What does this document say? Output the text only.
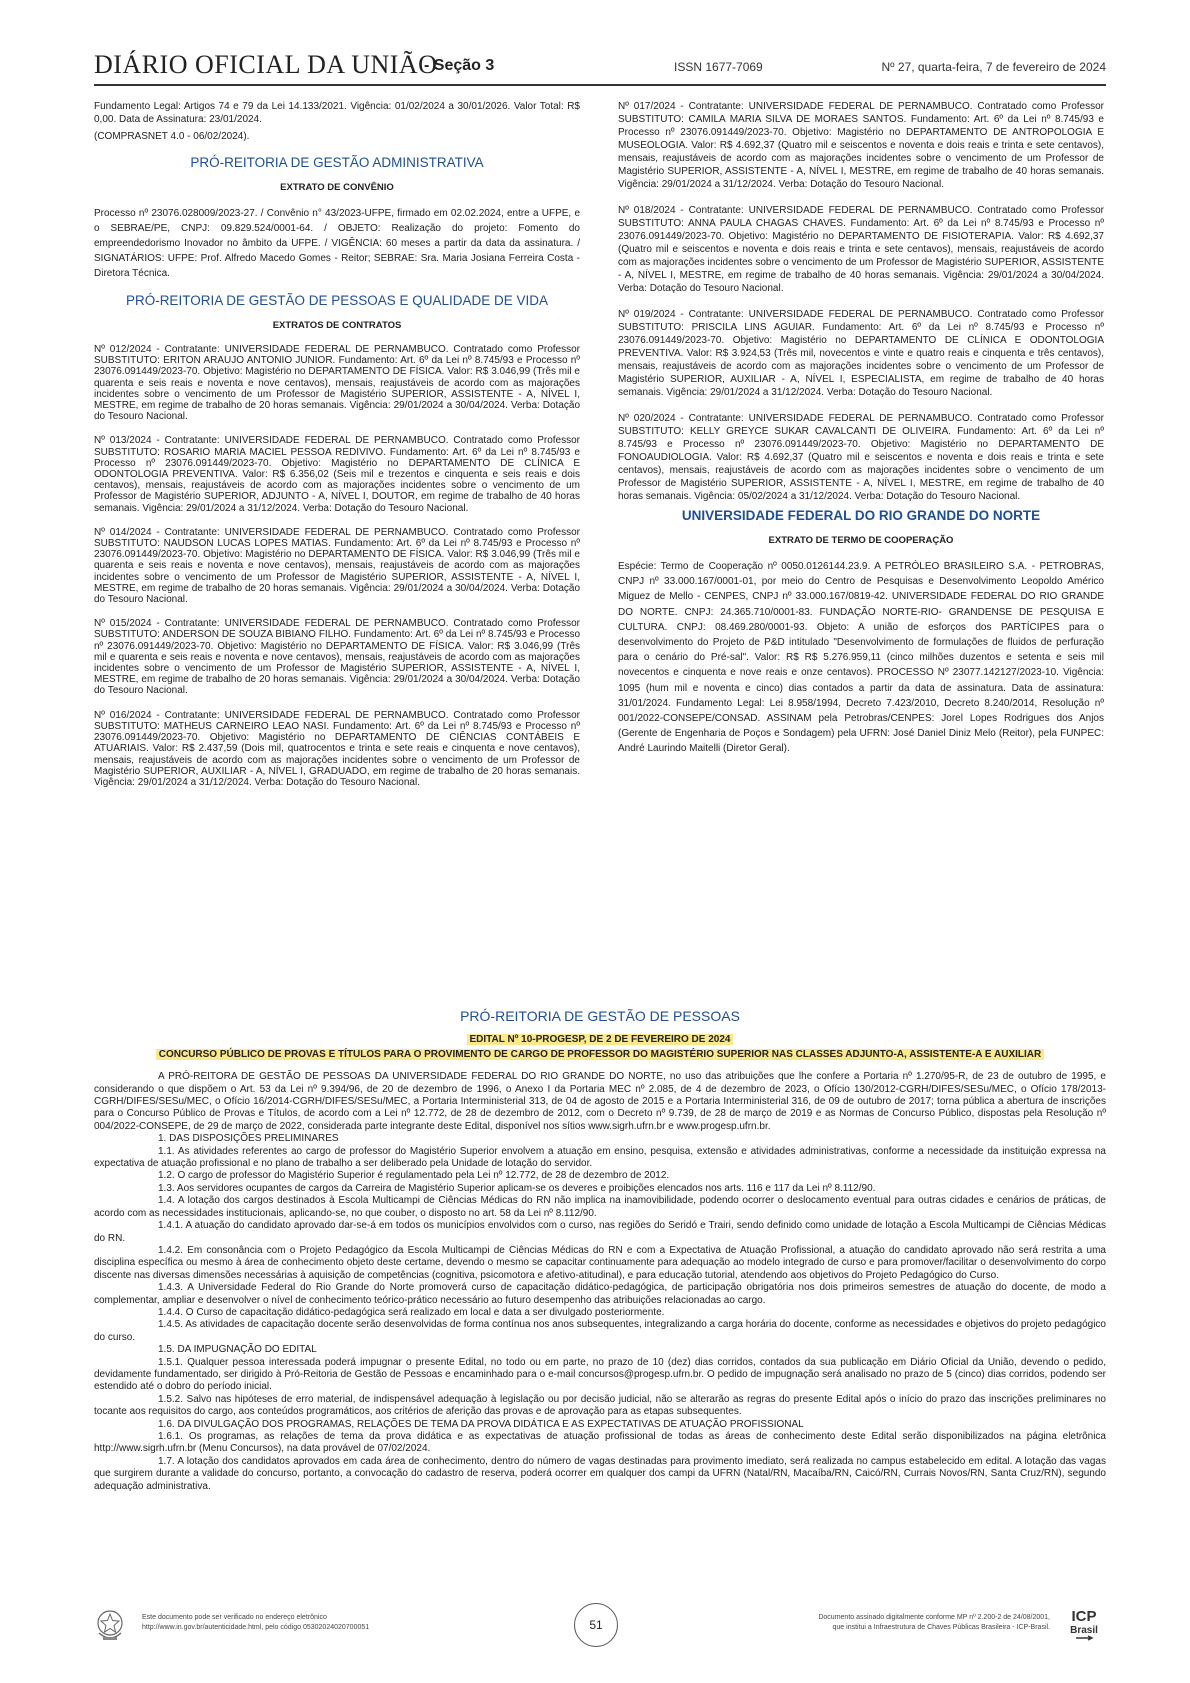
DIÁRIO OFICIAL DA UNIÃO
- Seção 3	ISSN 1677-7069	Nº 27, quarta-feira, 7 de fevereiro de 2024

Fundamento Legal: Artigos 74 e 79 da Lei 14.133/2021. Vigência: 01/02/2024 a 30/01/2026. Valor Total: R$ 0,00. Data de Assinatura: 23/01/2024.

(COMPRASNET 4.0 - 06/02/2024).

PRÓ-REITORIA DE GESTÃO ADMINISTRATIVA
EXTRATO DE CONVÊNIO

Processo nº 23076.028009/2023-27. / Convênio n° 43/2023-UFPE, firmado em 02.02.2024, entre a UFPE, e o SEBRAE/PE, CNPJ: 09.829.524/0001-64. / OBJETO: Realização do projeto: Fomento do empreendedorismo Inovador no âmbito da UFPE. / VIGÊNCIA: 60 meses a partir da data da assinatura. / SIGNATÁRIOS: UFPE: Prof. Alfredo Macedo Gomes - Reitor; SEBRAE: Sra. Maria Josiana Ferreira Costa - Diretora Técnica.

PRÓ-REITORIA DE GESTÃO DE PESSOAS E QUALIDADE DE VIDA
EXTRATOS DE CONTRATOS

Nº 012/2024 - Contratante: UNIVERSIDADE FEDERAL DE PERNAMBUCO. Contratado como Professor SUBSTITUTO: ERITON ARAUJO ANTONIO JUNIOR. Fundamento: Art. 6º da Lei nº 8.745/93 e Processo nº 23076.091449/2023-70. Objetivo: Magistério no DEPARTAMENTO DE FÍSICA. Valor: R$ 3.046,99 (Três mil e quarenta e seis reais e noventa e nove centavos), mensais, reajustáveis de acordo com as majorações incidentes sobre o vencimento de um Professor de Magistério SUPERIOR, ASSISTENTE - A, NÍVEL I, MESTRE, em regime de trabalho de 20 horas semanais. Vigência: 29/01/2024 a 30/04/2024. Verba: Dotação do Tesouro Nacional.

Nº 013/2024 - Contratante: UNIVERSIDADE FEDERAL DE PERNAMBUCO. Contratado como Professor SUBSTITUTO: ROSARIO MARIA MACIEL PESSOA REDIVIVO. Fundamento: Art. 6º da Lei nº 8.745/93 e Processo nº 23076.091449/2023-70. Objetivo: Magistério no DEPARTAMENTO DE CLÍNICA E ODONTOLOGIA PREVENTIVA. Valor: R$ 6.356,02 (Seis mil e trezentos e cinquenta e seis reais e dois centavos), mensais, reajustáveis de acordo com as majorações incidentes sobre o vencimento de um Professor de Magistério SUPERIOR, ADJUNTO - A, NÍVEL I, DOUTOR, em regime de trabalho de 40 horas semanais. Vigência: 29/01/2024 a 31/12/2024. Verba: Dotação do Tesouro Nacional.

Nº 014/2024 - Contratante: UNIVERSIDADE FEDERAL DE PERNAMBUCO. Contratado como Professor SUBSTITUTO: NAUDSON LUCAS LOPES MATIAS. Fundamento: Art. 6º da Lei nº 8.745/93 e Processo nº 23076.091449/2023-70. Objetivo: Magistério no DEPARTAMENTO DE FÍSICA. Valor: R$ 3.046,99 (Três mil e quarenta e seis reais e noventa e nove centavos), mensais, reajustáveis de acordo com as majorações incidentes sobre o vencimento de um Professor de Magistério SUPERIOR, ASSISTENTE - A, NÍVEL I, MESTRE, em regime de trabalho de 20 horas semanais. Vigência: 29/01/2024 a 30/04/2024. Verba: Dotação do Tesouro Nacional.

Nº 015/2024 - Contratante: UNIVERSIDADE FEDERAL DE PERNAMBUCO. Contratado como Professor SUBSTITUTO: ANDERSON DE SOUZA BIBIANO FILHO. Fundamento: Art. 6º da Lei nº 8.745/93 e Processo nº 23076.091449/2023-70. Objetivo: Magistério no DEPARTAMENTO DE FÍSICA. Valor: R$ 3.046,99 (Três mil e quarenta e seis reais e noventa e nove centavos), mensais, reajustáveis de acordo com as majorações incidentes sobre o vencimento de um Professor de Magistério SUPERIOR, ASSISTENTE - A, NÍVEL I, MESTRE, em regime de trabalho de 20 horas semanais. Vigência: 29/01/2024 a 30/04/2024. Verba: Dotação do Tesouro Nacional.

Nº 016/2024 - Contratante: UNIVERSIDADE FEDERAL DE PERNAMBUCO. Contratado como Professor SUBSTITUTO: MATHEUS CARNEIRO LEAO NASI. Fundamento: Art. 6º da Lei nº 8.745/93 e Processo nº 23076.091449/2023-70. Objetivo: Magistério no DEPARTAMENTO DE CIÊNCIAS CONTÁBEIS E ATUARIAIS. Valor: R$ 2.437,59 (Dois mil, quatrocentos e trinta e sete reais e cinquenta e nove centavos), mensais, reajustáveis de acordo com as majorações incidentes sobre o vencimento de um Professor de Magistério SUPERIOR, AUXILIAR - A, NÍVEL I, GRADUADO, em regime de trabalho de 20 horas semanais. Vigência: 29/01/2024 a 31/12/2024. Verba: Dotação do Tesouro Nacional.

Nº 017/2024 - Contratante: UNIVERSIDADE FEDERAL DE PERNAMBUCO. Contratado como Professor SUBSTITUTO: CAMILA MARIA SILVA DE MORAES SANTOS. Fundamento: Art. 6º da Lei nº 8.745/93 e Processo nº 23076.091449/2023-70. Objetivo: Magistério no DEPARTAMENTO DE ANTROPOLOGIA E MUSEOLOGIA. Valor: R$ 4.692,37 (Quatro mil e seiscentos e noventa e dois reais e trinta e sete centavos), mensais, reajustáveis de acordo com as majorações incidentes sobre o vencimento de um Professor de Magistério SUPERIOR, ASSISTENTE - A, NÍVEL I, MESTRE, em regime de trabalho de 40 horas semanais. Vigência: 29/01/2024 a 31/12/2024. Verba: Dotação do Tesouro Nacional.

Nº 018/2024 - Contratante: UNIVERSIDADE FEDERAL DE PERNAMBUCO. Contratado como Professor SUBSTITUTO: ANNA PAULA CHAGAS CHAVES. Fundamento: Art. 6º da Lei nº 8.745/93 e Processo nº 23076.091449/2023-70. Objetivo: Magistério no DEPARTAMENTO DE FISIOTERAPIA. Valor: R$ 4.692,37 (Quatro mil e seiscentos e noventa e dois reais e trinta e sete centavos), mensais, reajustáveis de acordo com as majorações incidentes sobre o vencimento de um Professor de Magistério SUPERIOR, ASSISTENTE - A, NÍVEL I, MESTRE, em regime de trabalho de 40 horas semanais. Vigência: 29/01/2024 a 30/04/2024. Verba: Dotação do Tesouro Nacional.

Nº 019/2024 - Contratante: UNIVERSIDADE FEDERAL DE PERNAMBUCO. Contratado como Professor SUBSTITUTO: PRISCILA LINS AGUIAR. Fundamento: Art. 6º da Lei nº 8.745/93 e Processo nº 23076.091449/2023-70. Objetivo: Magistério no DEPARTAMENTO DE CLÍNICA E ODONTOLOGIA PREVENTIVA. Valor: R$ 3.924,53 (Três mil, novecentos e vinte e quatro reais e cinquenta e três centavos), mensais, reajustáveis de acordo com as majorações incidentes sobre o vencimento de um Professor de Magistério SUPERIOR, AUXILIAR - A, NÍVEL I, ESPECIALISTA, em regime de trabalho de 40 horas semanais. Vigência: 29/01/2024 a 31/12/2024. Verba: Dotação do Tesouro Nacional.

Nº 020/2024 - Contratante: UNIVERSIDADE FEDERAL DE PERNAMBUCO. Contratado como Professor SUBSTITUTO: KELLY GREYCE SUKAR CAVALCANTI DE OLIVEIRA. Fundamento: Art. 6º da Lei nº 8.745/93 e Processo nº 23076.091449/2023-70. Objetivo: Magistério no DEPARTAMENTO DE FONOAUDIOLOGIA. Valor: R$ 4.692,37 (Quatro mil e seiscentos e noventa e dois reais e trinta e sete centavos), mensais, reajustáveis de acordo com as majorações incidentes sobre o vencimento de um Professor de Magistério SUPERIOR, ASSISTENTE - A, NÍVEL I, MESTRE, em regime de trabalho de 40 horas semanais. Vigência: 05/02/2024 a 31/12/2024. Verba: Dotação do Tesouro Nacional.

UNIVERSIDADE FEDERAL DO RIO GRANDE DO NORTE
EXTRATO DE TERMO DE COOPERAÇÃO

Espécie: Termo de Cooperação nº 0050.0126144.23.9. A PETRÓLEO BRASILEIRO S.A. - PETROBRAS, CNPJ nº 33.000.167/0001-01, por meio do Centro de Pesquisas e Desenvolvimento Leopoldo Américo Miguez de Mello - CENPES, CNPJ nº 33.000.167/0819-42. UNIVERSIDADE FEDERAL DO RIO GRANDE DO NORTE. CNPJ: 24.365.710/0001-83. FUNDAÇÃO NORTE-RIO- GRANDENSE DE PESQUISA E CULTURA. CNPJ: 08.469.280/0001-93. Objeto: A união de esforços dos PARTÍCIPES para o desenvolvimento do Projeto de P&D intitulado "Desenvolvimento de formulações de fluidos de perfuração para o cenário do Pré-sal". Valor: R$ R$ 5.276.959,11 (cinco milhões duzentos e setenta e seis mil novecentos e cinquenta e nove reais e onze centavos). PROCESSO Nº 23077.142127/2023-10. Vigência: 1095 (hum mil e noventa e cinco) dias contados a partir da data de assinatura. Data de assinatura: 31/01/2024. Fundamento Legal: Lei 8.958/1994, Decreto 7.423/2010, Decreto 8.240/2014, Resolução nº 001/2022-CONSEPE/CONSAD. ASSINAM pela Petrobras/CENPES: Jorel Lopes Rodrigues dos Anjos (Gerente de Engenharia de Poços e Sondagem) pela UFRN: José Daniel Diniz Melo (Reitor), pela FUNPEC: André Laurindo Maitelli (Diretor Geral).

PRÓ-REITORIA DE GESTÃO DE PESSOAS
EDITAL Nº 10-PROGESP, DE 2 DE FEVEREIRO DE 2024
CONCURSO PÚBLICO DE PROVAS E TÍTULOS PARA O PROVIMENTO DE CARGO DE PROFESSOR DO MAGISTÉRIO SUPERIOR NAS CLASSES ADJUNTO-A, ASSISTENTE-A E AUXILIAR

A PRÓ-REITORA DE GESTÃO DE PESSOAS DA UNIVERSIDADE FEDERAL DO RIO GRANDE DO NORTE, no uso das atribuições que lhe confere a Portaria nº 1.270/95-R, de 23 de outubro de 1995, e considerando o que dispõem o Art. 53 da Lei nº 9.394/96, de 20 de dezembro de 1996, o Anexo I da Portaria MEC nº 2.085, de 4 de dezembro de 2023, o Ofício 130/2012-CGRH/DIFES/SESu/MEC, o Ofício 178/2013-CGRH/DIFES/SESu/MEC, o Ofício 16/2014-CGRH/DIFES/SESu/MEC, a Portaria Interministerial 313, de 04 de agosto de 2015 e a Portaria Interministerial 316, de 09 de outubro de 2017; torna pública a abertura de inscrições para o Concurso Público de Provas e Títulos, de acordo com a Lei nº 12.772, de 28 de dezembro de 2012, com o Decreto nº 9.739, de 28 de março de 2019 e as Normas de Concurso Público, dispostas pela Resolução nº 004/2022-CONSEPE, de 29 de março de 2022, considerada parte integrante deste Edital, disponível nos sítios www.sigrh.ufrn.br e www.progesp.ufrn.br.

1. DAS DISPOSIÇÕES PRELIMINARES

1.1. As atividades referentes ao cargo de professor do Magistério Superior envolvem a atuação em ensino, pesquisa, extensão e atividades administrativas, conforme a necessidade da instituição expressa na expectativa de atuação profissional e no plano de trabalho a ser deliberado pela Unidade de lotação do servidor.

1.2. O cargo de professor do Magistério Superior é regulamentado pela Lei nº 12.772, de 28 de dezembro de 2012.

1.3. Aos servidores ocupantes de cargos da Carreira de Magistério Superior aplicam-se os deveres e proibições elencados nos arts. 116 e 117 da Lei nº 8.112/90.

1.4. A lotação dos cargos destinados à Escola Multicampi de Ciências Médicas do RN não implica na inamovibilidade, podendo ocorrer o deslocamento eventual para outras cidades e cenários de práticas, de acordo com as necessidades institucionais, aplicando-se, no que couber, o disposto no art. 58 da Lei nº 8.112/90.

1.4.1. A atuação do candidato aprovado dar-se-á em todos os municípios envolvidos com o curso, nas regiões do Seridó e Trairi, sendo definido como unidade de lotação a Escola Multicampi de Ciências Médicas do RN.

1.4.2. Em consonância com o Projeto Pedagógico da Escola Multicampi de Ciências Médicas do RN e com a Expectativa de Atuação Profissional, a atuação do candidato aprovado não será restrita a uma disciplina específica ou mesmo à área de conhecimento objeto deste certame, devendo o mesmo se capacitar continuamente para adequação ao modelo integrado de curso e para promover/facilitar o desenvolvimento do corpo discente nas diversas dimensões necessárias à aquisição de competências (cognitiva, psicomotora e afetivo-atitudinal), e para educação tutorial, atendendo aos objetivos do Projeto Pedagógico do Curso.

1.4.3. A Universidade Federal do Rio Grande do Norte promoverá curso de capacitação didático-pedagógica, de participação obrigatória nos dois primeiros semestres de atuação do docente, de modo a complementar, ampliar e desenvolver o nível de conhecimento teórico-prático necessário ao futuro desempenho das atribuições relacionadas ao cargo.

1.4.4. O Curso de capacitação didático-pedagógica será realizado em local e data a ser divulgado posteriormente.

1.4.5. As atividades de capacitação docente serão desenvolvidas de forma contínua nos anos subsequentes, integralizando a carga horária do docente, conforme as necessidades e objetivos do projeto pedagógico do curso.

1.5. DA IMPUGNAÇÃO DO EDITAL

1.5.1. Qualquer pessoa interessada poderá impugnar o presente Edital, no todo ou em parte, no prazo de 10 (dez) dias corridos, contados da sua publicação em Diário Oficial da União, devendo o pedido, devidamente fundamentado, ser dirigido à Pró-Reitoria de Gestão de Pessoas e encaminhado para o e-mail concursos@progesp.ufrn.br. O pedido de impugnação será analisado no prazo de 5 (cinco) dias corridos, podendo ser estendido até o dobro do período inicial.

1.5.2. Salvo nas hipóteses de erro material, de indispensável adequação à legislação ou por decisão judicial, não se alterarão as regras do presente Edital após o início do prazo das inscrições preliminares no tocante aos requisitos do cargo, aos conteúdos programáticos, aos critérios de aferição das provas e de aprovação para as etapas subsequentes.

1.6. DA DIVULGAÇÃO DOS PROGRAMAS, RELAÇÕES DE TEMA DA PROVA DIDÁTICA E AS EXPECTATIVAS DE ATUAÇÃO PROFISSIONAL

1.6.1. Os programas, as relações de tema da prova didática e as expectativas de atuação profissional de todas as áreas de conhecimento deste Edital serão disponibilizados na página eletrônica http://www.sigrh.ufrn.br (Menu Concursos), na data provável de 07/02/2024.

1.7. A lotação dos candidatos aprovados em cada área de conhecimento, dentro do número de vagas destinadas para provimento imediato, será realizada no campus estabelecido em edital. A lotação das vagas que surgirem durante a validade do concurso, portanto, a convocação do cadastro de reserva, poderá ocorrer em qualquer dos campi da UFRN (Natal/RN, Macaíba/RN, Caicó/RN, Currais Novos/RN, Santa Cruz/RN), segundo adequação administrativa.

Este documento pode ser verificado no endereço eletrônico
http://www.in.gov.br/autenticidade.html, pelo código 05302024020700051	51
Documento assinado digitalmente conforme MP nº 2.200-2 de 24/08/2001,
que institui a Infraestrutura de Chaves Públicas Brasileira - ICP-Brasil.
ICP
Brasil
